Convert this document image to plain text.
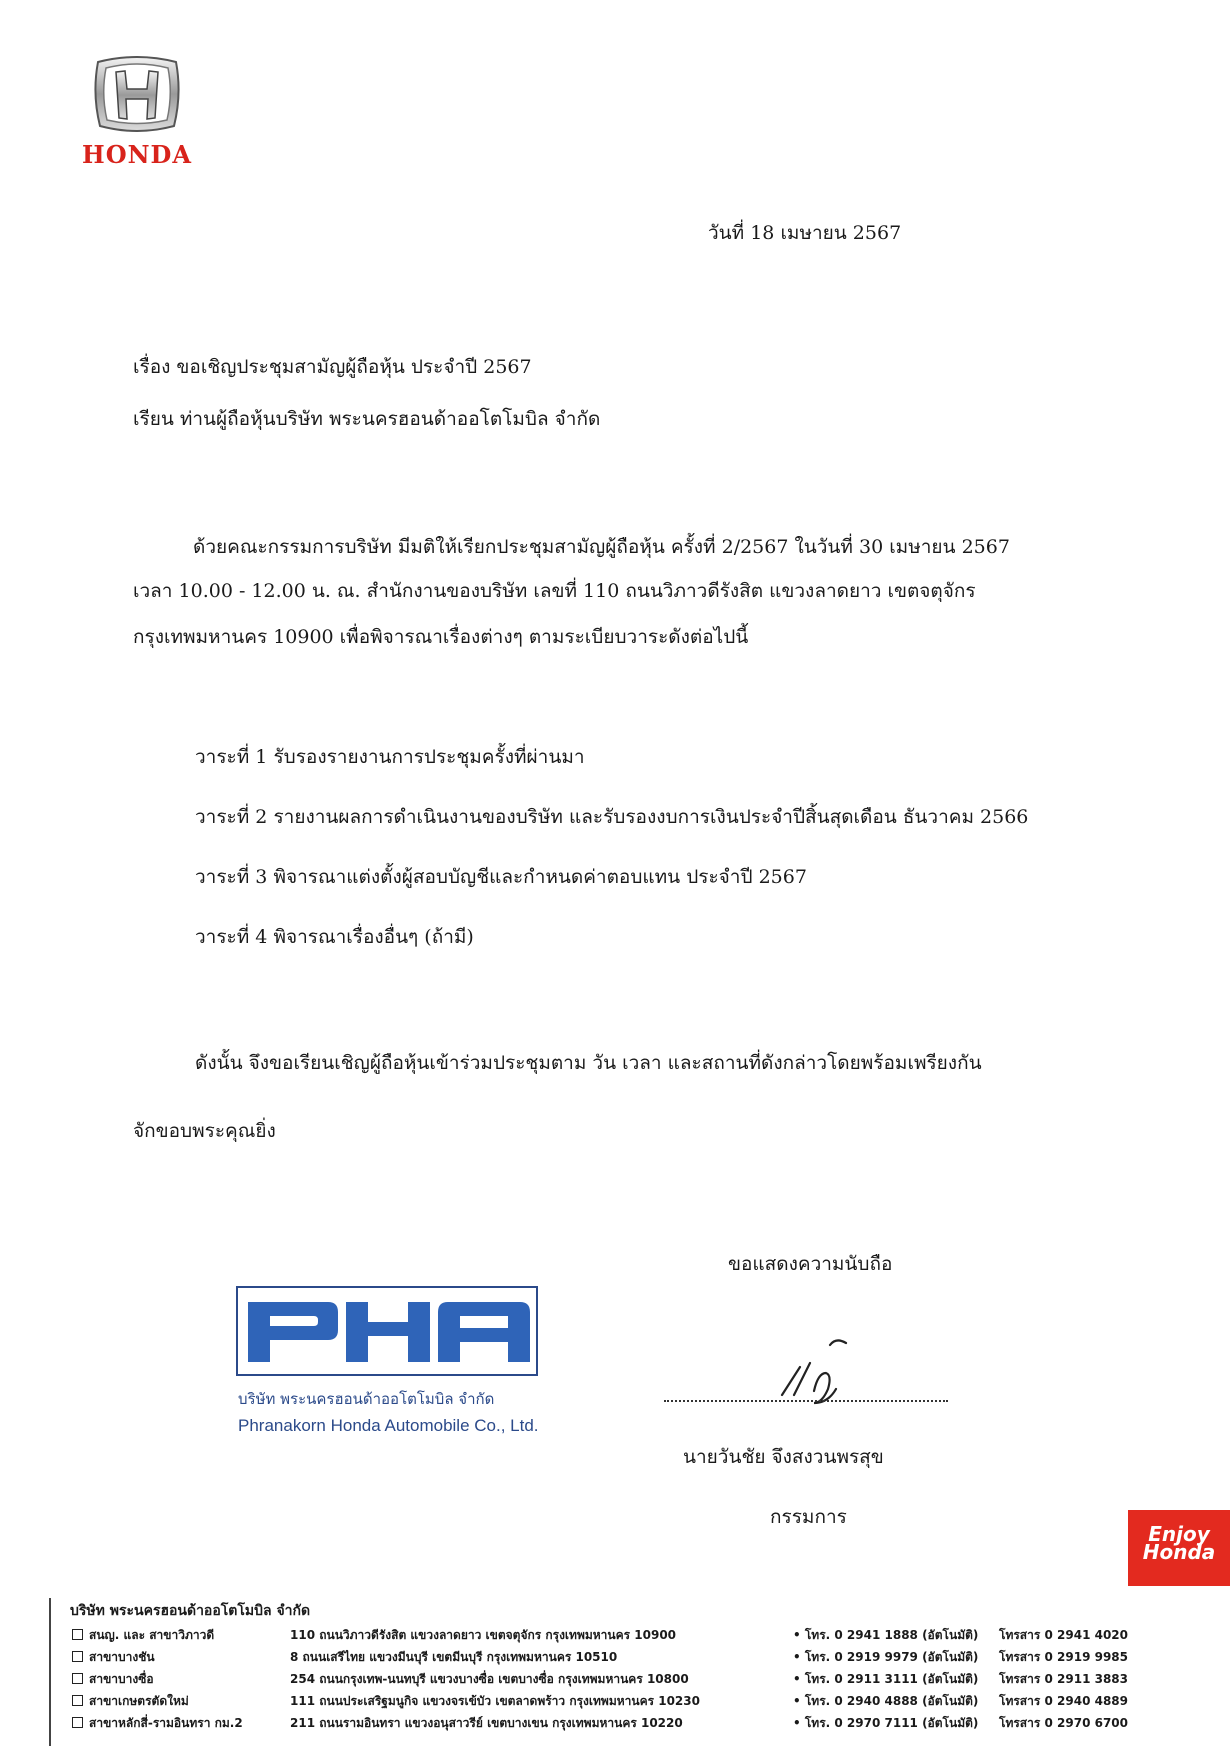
HONDA
วันที่ 18 เมษายน 2567
เรื่อง ขอเชิญประชุมสามัญผู้ถือหุ้น ประจำปี 2567
เรียน ท่านผู้ถือหุ้นบริษัท พระนครฮอนด้าออโตโมบิล จำกัด
ด้วยคณะกรรมการบริษัท มีมติให้เรียกประชุมสามัญผู้ถือหุ้น ครั้งที่ 2/2567 ในวันที่ 30 เมษายน 2567
เวลา 10.00 - 12.00 น. ณ. สำนักงานของบริษัท เลขที่ 110 ถนนวิภาวดีรังสิต แขวงลาดยาว เขตจตุจักร
กรุงเทพมหานคร 10900 เพื่อพิจารณาเรื่องต่างๆ ตามระเบียบวาระดังต่อไปนี้
วาระที่ 1 รับรองรายงานการประชุมครั้งที่ผ่านมา
วาระที่ 2 รายงานผลการดำเนินงานของบริษัท และรับรองงบการเงินประจำปีสิ้นสุดเดือน ธันวาคม 2566
วาระที่ 3 พิจารณาแต่งตั้งผู้สอบบัญชีและกำหนดค่าตอบแทน ประจำปี 2567
วาระที่ 4 พิจารณาเรื่องอื่นๆ (ถ้ามี)
ดังนั้น จึงขอเรียนเชิญผู้ถือหุ้นเข้าร่วมประชุมตาม วัน เวลา และสถานที่ดังกล่าวโดยพร้อมเพรียงกัน
จักขอบพระคุณยิ่ง
ขอแสดงความนับถือ
บริษัท พระนครฮอนด้าออโตโมบิล จำกัด
Phranakorn Honda Automobile Co., Ltd.
นายวันชัย จึงสงวนพรสุข
กรรมการ
Enjoy
Honda
บริษัท พระนครฮอนด้าออโตโมบิล จำกัด
สนญ. และ สาขาวิภาวดี	110 ถนนวิภาวดีรังสิต แขวงลาดยาว เขตจตุจักร กรุงเทพมหานคร 10900	• โทร. 0 2941 1888 (อัตโนมัติ)	โทรสาร 0 2941 4020
สาขาบางชัน	8 ถนนเสรีไทย แขวงมีนบุรี เขตมีนบุรี กรุงเทพมหานคร 10510	• โทร. 0 2919 9979 (อัตโนมัติ)	โทรสาร 0 2919 9985
สาขาบางซื่อ	254 ถนนกรุงเทพ-นนทบุรี แขวงบางซื่อ เขตบางซื่อ กรุงเทพมหานคร 10800	• โทร. 0 2911 3111 (อัตโนมัติ)	โทรสาร 0 2911 3883
สาขาเกษตรตัดใหม่	111 ถนนประเสริฐมนูกิจ แขวงจรเข้บัว เขตลาดพร้าว กรุงเทพมหานคร 10230	• โทร. 0 2940 4888 (อัตโนมัติ)	โทรสาร 0 2940 4889
สาขาหลักสี่-รามอินทรา กม.2	211 ถนนรามอินทรา แขวงอนุสาวรีย์ เขตบางเขน กรุงเทพมหานคร 10220	• โทร. 0 2970 7111 (อัตโนมัติ)	โทรสาร 0 2970 6700
